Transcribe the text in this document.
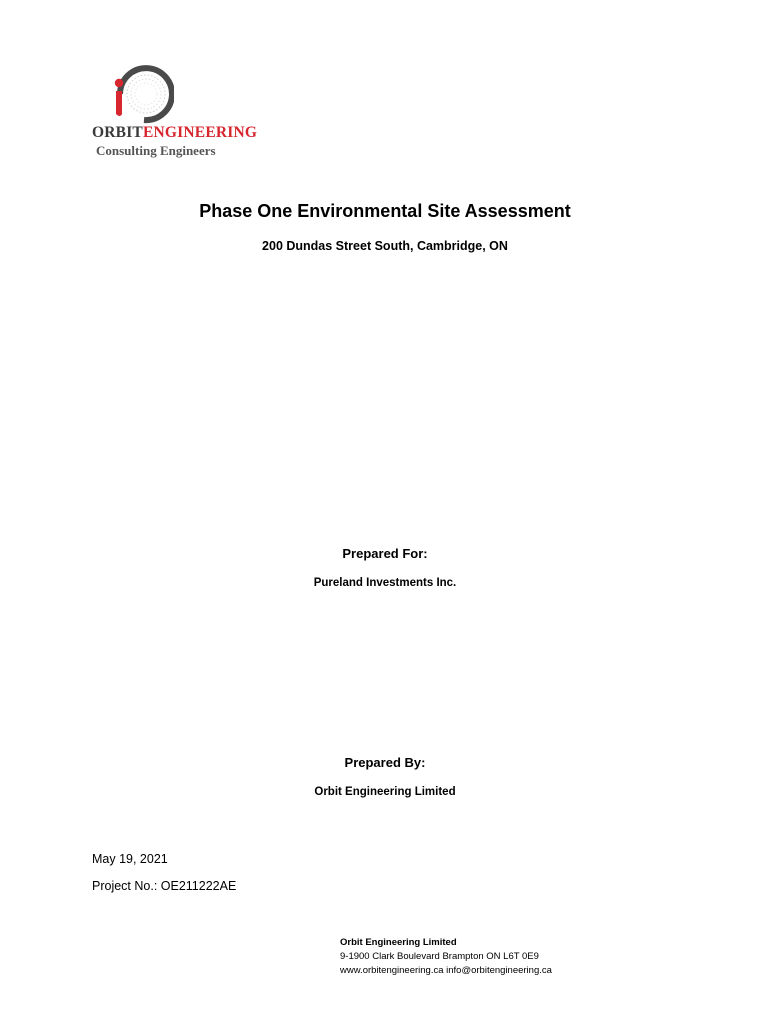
ORBITENGINEERING
Consulting Engineers
Phase One Environmental Site Assessment
200 Dundas Street South, Cambridge, ON
Prepared For:
Pureland Investments Inc.
Prepared By:
Orbit Engineering Limited
May 19, 2021
Project No.: OE211222AE
Orbit Engineering Limited
9-1900 Clark Boulevard Brampton ON L6T 0E9
www.orbitengineering.ca info@orbitengineering.ca
